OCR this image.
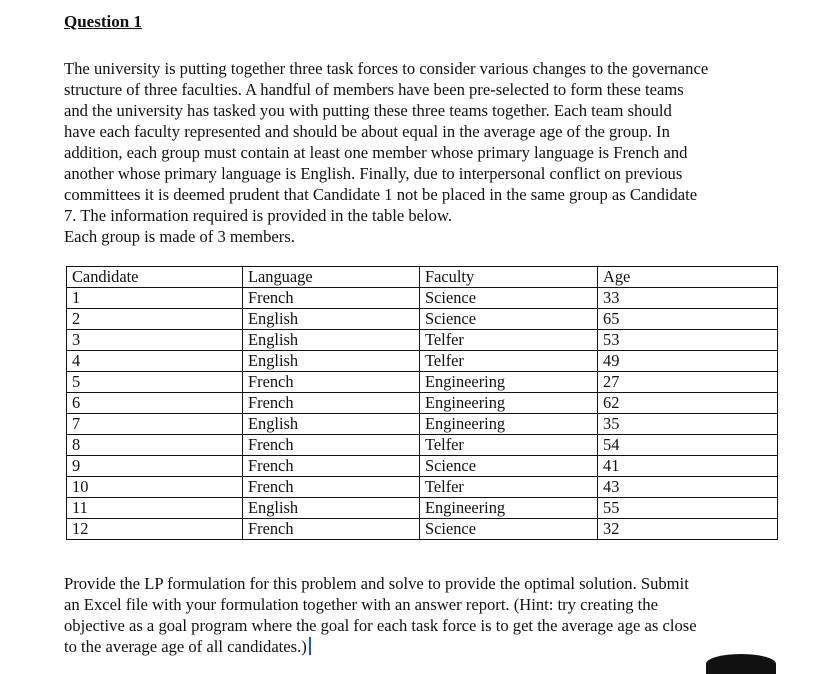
Question 1
The university is putting together three task forces to consider various changes to the governance
structure of three faculties. A handful of members have been pre-selected to form these teams
and the university has tasked you with putting these three teams together. Each team should
have each faculty represented and should be about equal in the average age of the group. In
addition, each group must contain at least one member whose primary language is French and
another whose primary language is English. Finally, due to interpersonal conflict on previous
committees it is deemed prudent that Candidate 1 not be placed in the same group as Candidate
7. The information required is provided in the table below.
Each group is made of 3 members.
Candidate	Language	Faculty	Age
1	French	Science	33
2	English	Science	65
3	English	Telfer	53
4	English	Telfer	49
5	French	Engineering	27
6	French	Engineering	62
7	English	Engineering	35
8	French	Telfer	54
9	French	Science	41
10	French	Telfer	43
11	English	Engineering	55
12	French	Science	32
Provide the LP formulation for this problem and solve to provide the optimal solution. Submit
an Excel file with your formulation together with an answer report. (Hint: try creating the
objective as a goal program where the goal for each task force is to get the average age as close
to the average age of all candidates.)
